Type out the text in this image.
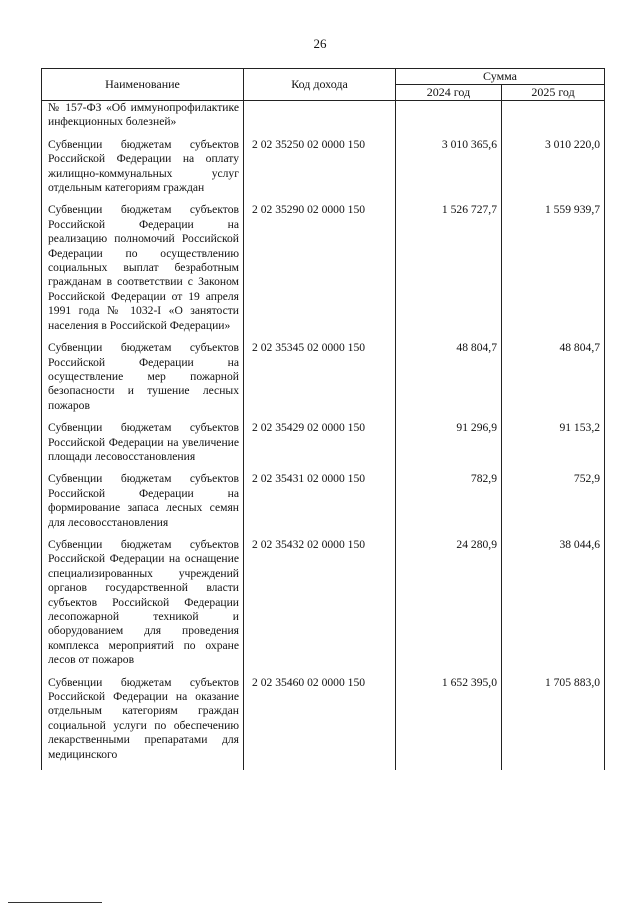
26
Наименование	Код дохода	Сумма	
		2024 год	2025 год
№ 157-ФЗ «Об иммунопрофилактике инфекционных болезней»			
Субвенции бюджетам субъектов Российской Федерации на оплату жилищно-коммунальных услуг отдельным категориям граждан	2 02 35250 02 0000 150	3 010 365,6	3 010 220,0
Субвенции бюджетам субъектов Российской Федерации на реализацию полномочий Российской Федерации по осуществлению социальных выплат безработным гражданам в соответствии с Законом Российской Федерации от 19 апреля 1991 года № 1032-I «О занятости населения в Российской Федерации»	2 02 35290 02 0000 150	1 526 727,7	1 559 939,7
Субвенции бюджетам субъектов Российской Федерации на осуществление мер пожарной безопасности и тушение лесных пожаров	2 02 35345 02 0000 150	48 804,7	48 804,7
Субвенции бюджетам субъектов Российской Федерации на увеличение площади лесовосстановления	2 02 35429 02 0000 150	91 296,9	91 153,2
Субвенции бюджетам субъектов Российской Федерации на формирование запаса лесных семян для лесовосстановления	2 02 35431 02 0000 150	782,9	752,9
Субвенции бюджетам субъектов Российской Федерации на оснащение специализированных учреждений органов государственной власти субъектов Российской Федерации лесопожарной техникой и оборудованием для проведения комплекса мероприятий по охране лесов от пожаров	2 02 35432 02 0000 150	24 280,9	38 044,6
Субвенции бюджетам субъектов Российской Федерации на оказание отдельным категориям граждан социальной услуги по обеспечению лекарственными препаратами для медицинского	2 02 35460 02 0000 150	1 652 395,0	1 705 883,0
